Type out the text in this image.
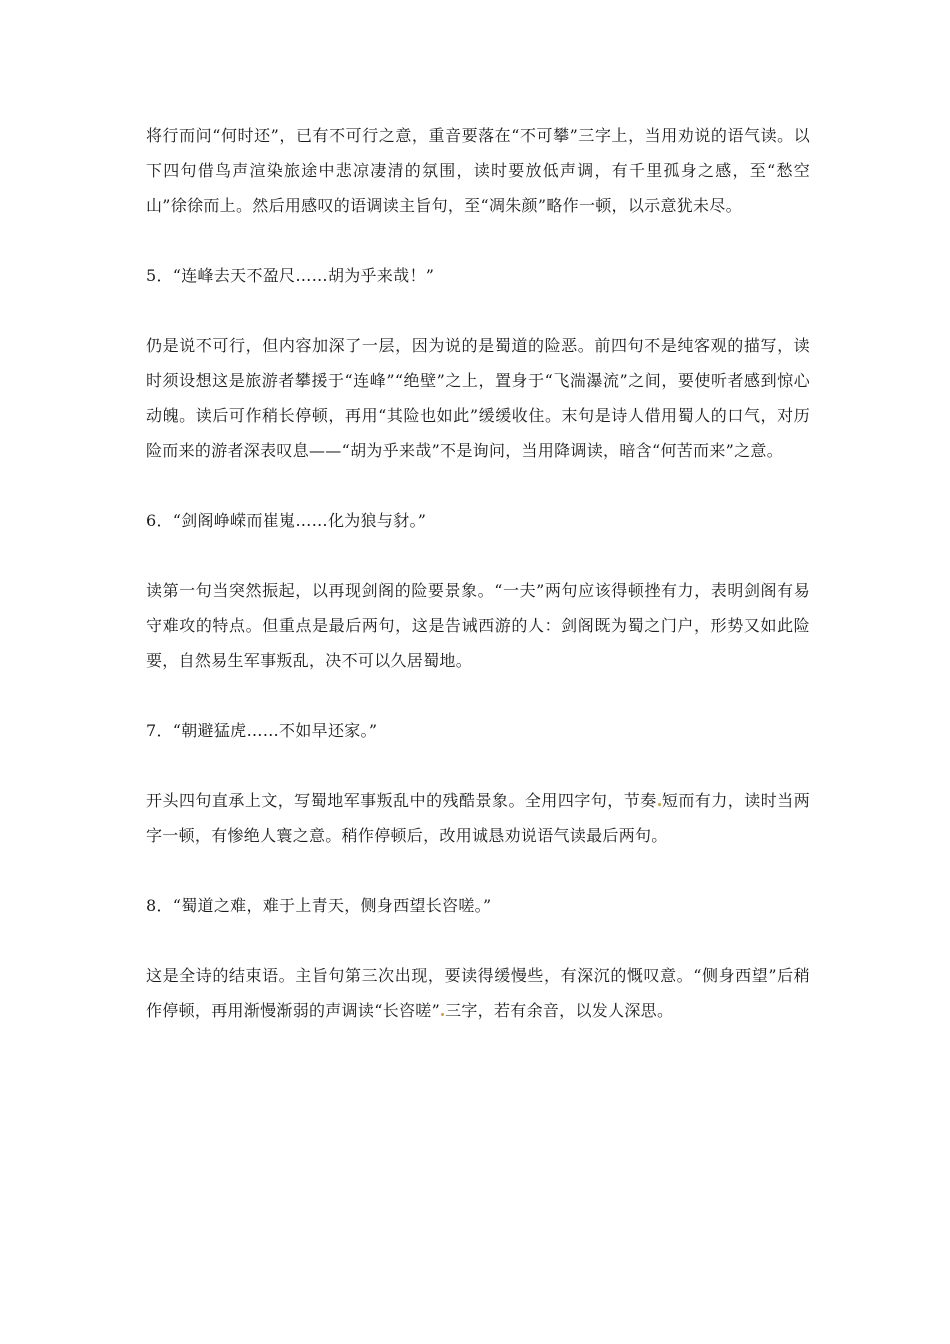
将行而问“何时还”，已有不可行之意，重音要落在“不可攀”三字上，当用劝说的语气读。以下四句借鸟声渲染旅途中悲凉凄清的氛围，读时要放低声调，有千里孤身之感，至“愁空山”徐徐而上。然后用感叹的语调读主旨句，至“凋朱颜”略作一顿，以示意犹未尽。

5．“连峰去天不盈尺……胡为乎来哉！”

仍是说不可行，但内容加深了一层，因为说的是蜀道的险恶。前四句不是纯客观的描写，读时须设想这是旅游者攀援于“连峰”“绝壁”之上，置身于“飞湍瀑流”之间，要使听者感到惊心动魄。读后可作稍长停顿，再用“其险也如此”缓缓收住。末句是诗人借用蜀人的口气，对历险而来的游者深表叹息——“胡为乎来哉”不是询问，当用降调读，暗含“何苦而来”之意。

6．“剑阁峥嵘而崔嵬……化为狼与豺。”

读第一句当突然振起，以再现剑阁的险要景象。“一夫”两句应该得顿挫有力，表明剑阁有易守难攻的特点。但重点是最后两句，这是告诫西游的人：剑阁既为蜀之门户，形势又如此险要，自然易生军事叛乱，决不可以久居蜀地。

7．“朝避猛虎……不如早还家。”

开头四句直承上文，写蜀地军事叛乱中的残酷景象。全用四字句，节奏 短而有力，读时当两字一顿，有惨绝人寰之意。稍作停顿后，改用诚恳劝说语气读最后两句。

8．“蜀道之难，难于上青天，侧身西望长咨嗟。”

这是全诗的结束语。主旨句第三次出现，要读得缓慢些，有深沉的慨叹意。“侧身西望”后稍作停顿，再用渐慢渐弱的声调读“长咨嗟” 三字，若有余音，以发人深思。
